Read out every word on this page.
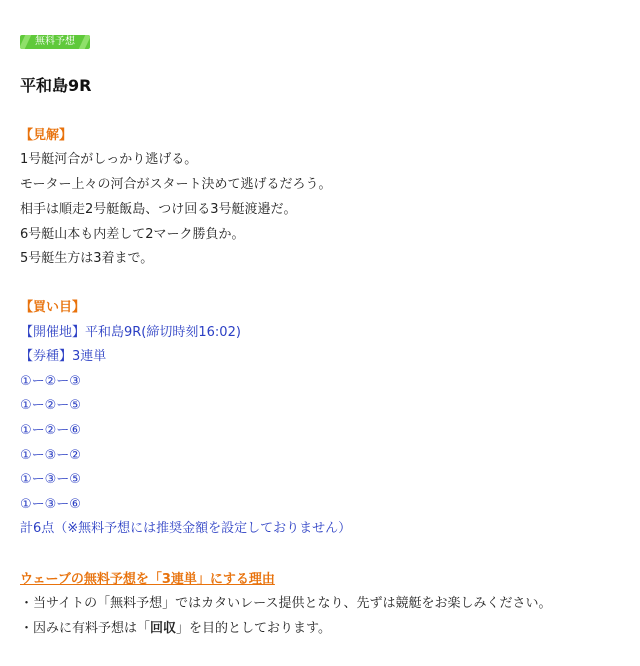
無料予想
平和島9R
【見解】
1号艇河合がしっかり逃げる。
モーター上々の河合がスタート決めて逃げるだろう。
相手は順走2号艇飯島、つけ回る3号艇渡邉だ。
6号艇山本も内差して2マーク勝負か。
5号艇生方は3着まで。
【買い目】
【開催地】平和島9R(締切時刻16:02)
【券種】3連単
①ー②ー③
①ー②ー⑤
①ー②ー⑥
①ー③ー②
①ー③ー⑤
①ー③ー⑥
計6点（※無料予想には推奨金額を設定しておりません）
ウェーブの無料予想を「3連単」にする理由
・当サイトの「無料予想」ではカタいレース提供となり、先ずは競艇をお楽しみください。
・因みに有料予想は「回収」を目的としております。
